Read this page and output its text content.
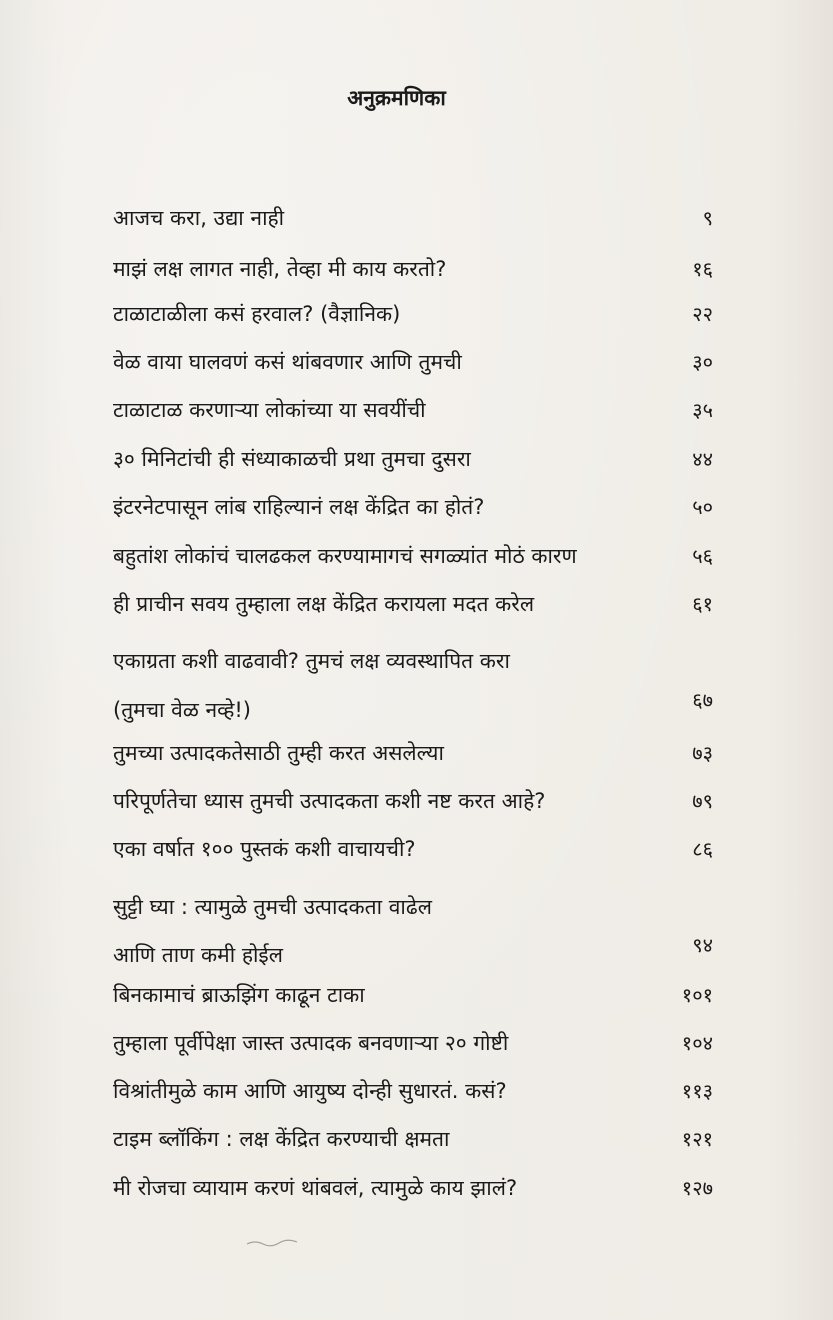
अनुक्रमणिका
आजच करा, उद्या नाही	९
माझं लक्ष लागत नाही, तेव्हा मी काय करतो?	१६
टाळाटाळीला कसं हरवाल? (वैज्ञानिक)	२२
वेळ वाया घालवणं कसं थांबवणार आणि तुमची	३०
टाळाटाळ करणाऱ्या लोकांच्या या सवयींची	३५
३० मिनिटांची ही संध्याकाळची प्रथा तुमचा दुसरा	४४
इंटरनेटपासून लांब राहिल्यानं लक्ष केंद्रित का होतं?	५०
बहुतांश लोकांचं चालढकल करण्यामागचं सगळ्यांत मोठं कारण	५६
ही प्राचीन सवय तुम्हाला लक्ष केंद्रित करायला मदत करेल	६१
एकाग्रता कशी वाढवावी? तुमचं लक्ष व्यवस्थापित करा
(तुमचा वेळ नव्हे!)	६७
तुमच्या उत्पादकतेसाठी तुम्ही करत असलेल्या	७३
परिपूर्णतेचा ध्यास तुमची उत्पादकता कशी नष्ट करत आहे?	७९
एका वर्षात १०० पुस्तकं कशी वाचायची?	८६
सुट्टी घ्या : त्यामुळे तुमची उत्पादकता वाढेल
आणि ताण कमी होईल	९४
बिनकामाचं ब्राऊझिंग काढून टाका	१०१
तुम्हाला पूर्वीपेक्षा जास्त उत्पादक बनवणाऱ्या २० गोष्टी	१०४
विश्रांतीमुळे काम आणि आयुष्य दोन्ही सुधारतं. कसं?	११३
टाइम ब्लॉकिंग : लक्ष केंद्रित करण्याची क्षमता	१२१
मी रोजचा व्यायाम करणं थांबवलं, त्यामुळे काय झालं?	१२७
